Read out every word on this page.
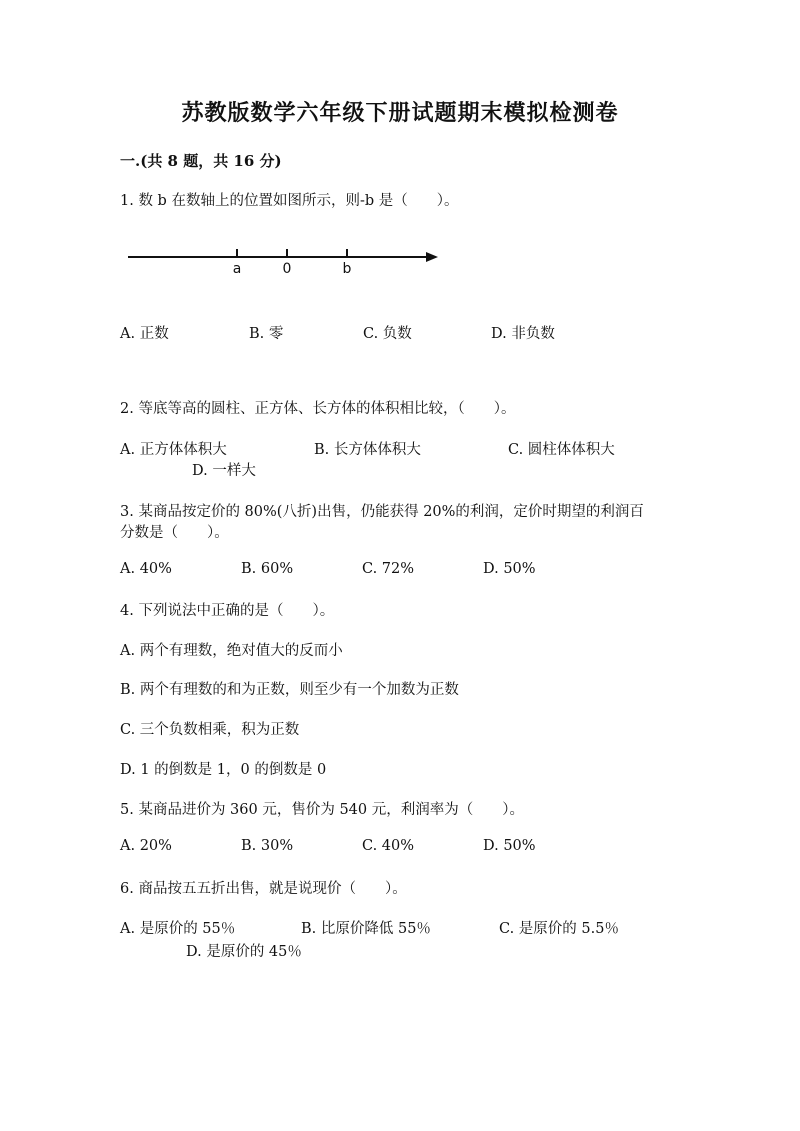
苏教版数学六年级下册试题期末模拟检测卷
一.(共 8 题，共 16 分)
1. 数 b 在数轴上的位置如图所示，则-b 是（　　）。
a	0	b
A. 正数	B. 零	C. 负数	D. 非负数
2. 等底等高的圆柱、正方体、长方体的体积相比较，（　　）。
A. 正方体体积大	B. 长方体体积大	C. 圆柱体体积大
D. 一样大
3. 某商品按定价的 80%(八折)出售，仍能获得 20%的利润，定价时期望的利润百
分数是（　　）。
A. 40%	B. 60%	C. 72%	D. 50%
4. 下列说法中正确的是（　　）。
A. 两个有理数，绝对值大的反而小
B. 两个有理数的和为正数，则至少有一个加数为正数
C. 三个负数相乘，积为正数
D. 1 的倒数是 1，0 的倒数是 0
5. 某商品进价为 360 元，售价为 540 元，利润率为（　　）。
A. 20%	B. 30%	C. 40%	D. 50%
6. 商品按五五折出售，就是说现价（　　）。
A. 是原价的 55％	B. 比原价降低 55％	C. 是原价的 5.5％
D. 是原价的 45％
